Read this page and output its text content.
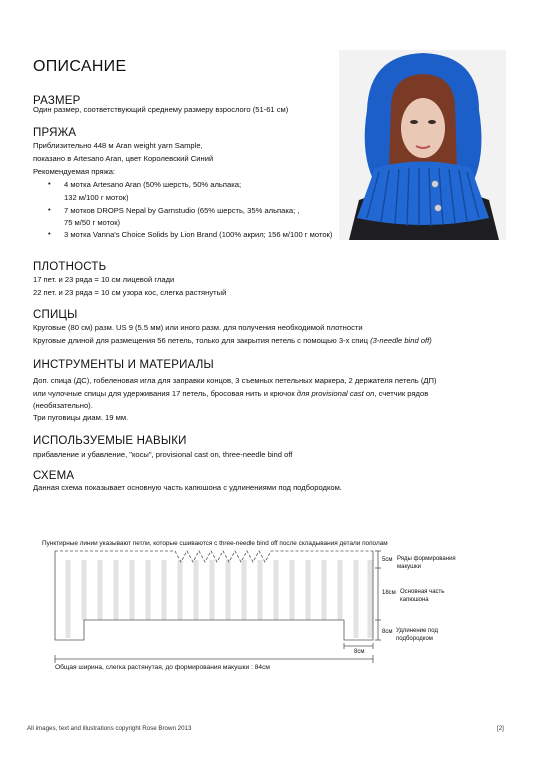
ОПИСАНИЕ
РАЗМЕР
Один размер, соответствующий среднему размеру взрослого (51-61 см)
ПРЯЖА
Приблизительно 448 м Aran weight yarn Sample,
показано в Artesano Aran, цвет Королевский Синий
Рекомендуемая пряжа:
• 4 мотка Artesano Aran (50% шерсть, 50% альпака;
132 м/100 г моток)
• 7 мотков DROPS Nepal by Garnstudio (65% шерсть, 35% альпака; ,
75 м/50 г моток)
• 3 мотка Vanna's Choice Solids by Lion Brand (100% акрил; 156 м/100 г моток)
ПЛОТНОСТЬ
17 пет. и 23 ряда = 10 см лицевой глади
22 пет. и 23 ряда = 10 см узора кос, слегка растянутый
СПИЦЫ
Круговые (80 см) разм. US 9 (5.5 мм) или иного разм. для получения необходимой плотности
Круговые длиной для размещения 56 петель, только для закрытия петель с помощью 3-х спиц (3-needle bind off)
ИНСТРУМЕНТЫ И МАТЕРИАЛЫ
Доп. спица (ДС), гобеленовая игла для заправки концов, 3 съемных петельных маркера, 2 держателя петель (ДП)
или чулочные спицы для удерживания 17 петель, бросовая нить и крючок для provisional cast on, счетчик рядов
(необязательно).
Три пуговицы диам. 19 мм.
ИСПОЛЬЗУЕМЫЕ НАВЫКИ
прибавление и убавление, "косы", provisional cast on, three-needle bind off
СХЕМА
Данная схема показывает основную часть капюшона с удлинениями под подбородком.
Пунктирные линии указывают петли, которые сшиваются с three-needle bind off после складывания детали пополам
5см Ряды формирования макушки
18см Основная часть капюшона
8см Удлинение под подбородком
8см
Общая ширина, слегка растянутая, до формирования макушки : 84см
All images, text and illustrations copyright Rose Brown 2013	[2]
